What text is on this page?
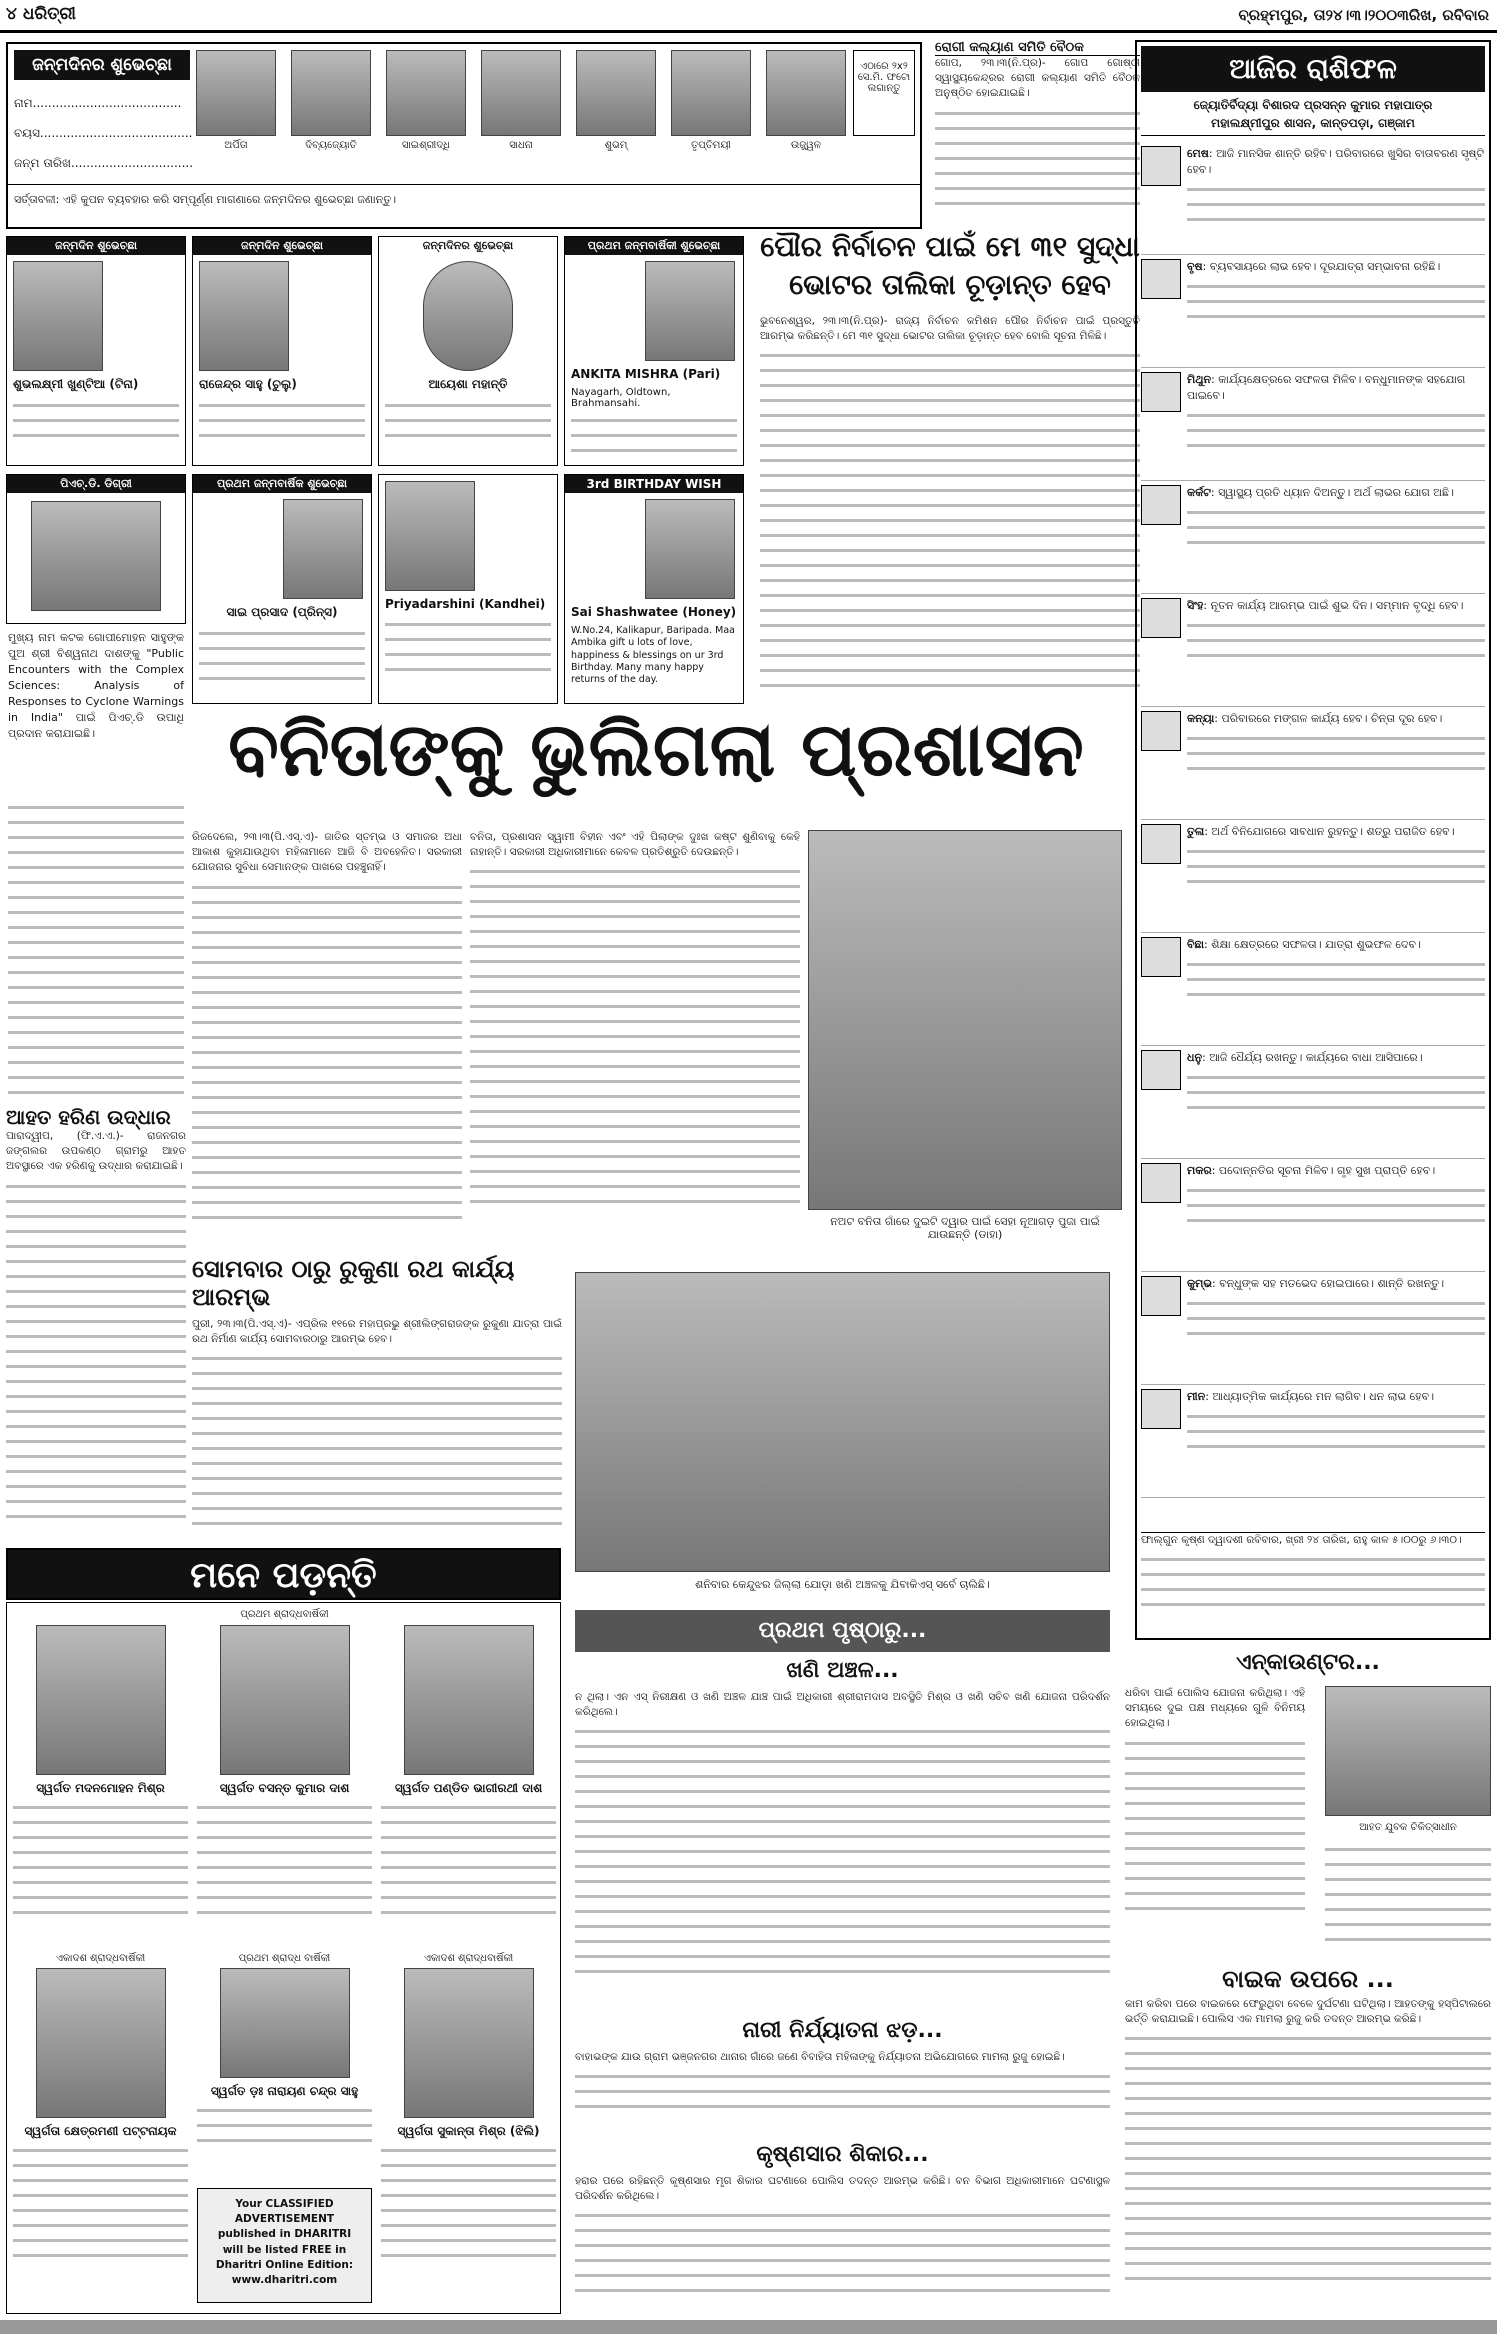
୪ ଧରିତ୍ରୀ	ବ୍ରହ୍ମପୁର, ତା୨୪।୩।୨୦୦୩ରିଖ, ରବିବାର
ଜନ୍ମଦିନର ଶୁଭେଚ୍ଛା
ନାମ.......................................
ବୟସ........................................
ଜନ୍ମ ତାରିଖ................................
ଅର୍ପିତା	ଦିବ୍ୟଜ୍ୟୋତି	ସାଇଶ୍ରୀଦ୍ଧି	ସାଧନା	ଶୁଭମ୍	ତୃପ୍ତିମୟୀ	ଉଜ୍ଜ୍ୱଳ
ଏଠାରେ ୨x୨ ସେ.ମି. ଫଟୋ ଲଗାନ୍ତୁ
ସର୍ତ୍ତାବଳୀ: ଏହି କୁପନ ବ୍ୟବହାର କରି ସମ୍ପୂର୍ଣ୍ଣ ମାଗଣାରେ ଜନ୍ମଦିନର ଶୁଭେଚ୍ଛା ଜଣାନ୍ତୁ।
ରୋଗୀ କଲ୍ୟାଣ ସମିତି ବୈଠକ
ଗୋପ, ୨୩।୩(ନି.ପ୍ର)- ଗୋପ ଗୋଷ୍ଠୀ ସ୍ୱାସ୍ଥ୍ୟକେନ୍ଦ୍ରର ରୋଗୀ କଲ୍ୟାଣ ସମିତି ବୈଠକ ଅନୁଷ୍ଠିତ ହୋଇଯାଇଛି।
ପୌର ନିର୍ବାଚନ ପାଇଁ ମେ ୩୧ ସୁଦ୍ଧା ଭୋଟର ତାଲିକା ଚୂଡ଼ାନ୍ତ ହେବ
ଭୁବନେଶ୍ୱର, ୨୩।୩(ନି.ପ୍ର)- ରାଜ୍ୟ ନିର୍ବାଚନ କମିଶନ ପୌର ନିର୍ବାଚନ ପାଇଁ ପ୍ରସ୍ତୁତି ଆରମ୍ଭ କରିଛନ୍ତି। ମେ ୩୧ ସୁଦ୍ଧା ଭୋଟର ତାଲିକା ଚୂଡ଼ାନ୍ତ ହେବ ବୋଲି ସୂଚନା ମିଳିଛି।
ଜନ୍ମଦିନ ଶୁଭେଚ୍ଛା
ଶୁଭଲକ୍ଷ୍ମୀ ଖୁଣ୍ଟିଆ (ଟିନା)
ଜନ୍ମଦିନ ଶୁଭେଚ୍ଛା
ରାଜେନ୍ଦ୍ର ସାହୁ (ଚୁଲୁ)
ଜନ୍ମଦିନର ଶୁଭେଚ୍ଛା
ଆୟେଶା ମହାନ୍ତି
ପ୍ରଥମ ଜନ୍ମବାର୍ଷିକୀ ଶୁଭେଚ୍ଛା
ANKITA MISHRA (Pari)
Nayagarh, Oldtown, Brahmansahi.
ପିଏଚ୍.ଡି. ଡିଗ୍ରୀ	ପ୍ରଥମ ଜନ୍ମବାର୍ଷିକ ଶୁଭେଚ୍ଛା
ସାଇ ପ୍ରସାଦ (ପ୍ରିନ୍ସ)
Priyadarshini (Kandhei)
3rd BIRTHDAY WISH
Sai Shashwatee (Honey)
W.No.24, Kalikapur, Baripada. Maa Ambika gift u lots of love, happiness & blessings on ur 3rd Birthday. Many many happy returns of the day.
ମୁଖ୍ୟ ନାମ କଟକ ଗୋପୀମୋହନ ସାହୁଙ୍କ ପୁଅ ଶ୍ରୀ ବିଶ୍ୱନାଥ ଦାଶଙ୍କୁ "Public Encounters with the Complex Sciences: Analysis of Responses to Cyclone Warnings in India" ପାଇଁ ପିଏଚ୍.ଡି ଉପାଧି ପ୍ରଦାନ କରାଯାଇଛି।	ବନିତାଙ୍କୁ ଭୁଲିଗଲା ପ୍ରଶାସନ
ଆହତ ହରିଣ ଉଦ୍ଧାର
ପାରାଦ୍ୱୀପ, (ଫି.ଏ.ଏ.)- ରାଜନଗର ଜଙ୍ଗଲର ଉପକଣ୍ଠ ଗ୍ରାମରୁ ଆହତ ଅବସ୍ଥାରେ ଏକ ହରିଣକୁ ଉଦ୍ଧାର କରାଯାଇଛି।
ରିଜଦେଲେ, ୨୩।୩(ପି.ଏସ୍.ଏ)- ଜାତିର ସ୍ତମ୍ଭ ଓ ସମାଜର ଅଧା ଆକାଶ କୁହାଯାଉଥିବା ମହିଳାମାନେ ଆଜି ବି ଅବହେଳିତ। ସରକାରୀ ଯୋଜନାର ସୁବିଧା ସେମାନଙ୍କ ପାଖରେ ପହଞ୍ଚୁନାହିଁ।
ବନିତା, ପ୍ରଶାସନ ସ୍ୱାମୀ ବିହୀନ ଏବଂ ଏହି ପିଲାଙ୍କ ଦୁଃଖ କଷ୍ଟ ଶୁଣିବାକୁ କେହି ନାହାନ୍ତି। ସରକାରୀ ଅଧିକାରୀମାନେ କେବଳ ପ୍ରତିଶ୍ରୁତି ଦେଉଛନ୍ତି।
ନଅଟ ବନିତା ଗାଁରେ ଦୁଇଟି ଦ୍ୱାର ପାଇଁ ସେହା ନୂଆଗଡ଼ ପୁଜା ପାଇଁ ଯାଉଛନ୍ତି (ଡାହା)
ସୋମବାର ଠାରୁ ରୁକୁଣା ରଥ କାର୍ଯ୍ୟ ଆରମ୍ଭ
ପୁରୀ, ୨୩।୩(ପି.ଏସ୍.ଏ)- ଏପ୍ରିଲ ୧୧ରେ ମହାପ୍ରଭୁ ଶ୍ରୀଲିଙ୍ଗରାଜଙ୍କ ରୁକୁଣା ଯାତ୍ରା ପାଇଁ ରଥ ନିର୍ମାଣ କାର୍ଯ୍ୟ ସୋମବାରଠାରୁ ଆରମ୍ଭ ହେବ।
ଶନିବାର କେନ୍ଦୁଝର ଜିଲ୍ଲା ଯୋଡ଼ା ଖଣି ଅଞ୍ଚଳକୁ ଯିବାକିଏସ୍ ସର୍ବେ ଚାଲିଛି।
ପ୍ରଥମ ପୃଷ୍ଠାରୁ...
ଖଣି ଅଞ୍ଚଳ...
ନ ଥିଲା। ଏନ ଏସ୍ ନିରୀକ୍ଷଣ ଓ ଖଣି ଅଞ୍ଚଳ ଯାଞ୍ଚ ପାଇଁ ଅଧିକାରୀ ଶ୍ରୀରାମଦାସ ଅବସ୍ଥିତି ମିଶ୍ର ଓ ଖଣି ସଚିବ ଖଣି ଯୋଜନା ପରିଦର୍ଶନ କରିଥିଲେ।
ନାରୀ ନିର୍ଯ୍ୟାତନା ଝଡ଼...
ବାହାଭଙ୍କ ଯାଉ ଗ୍ରାମ ଭଞ୍ଜନଗର ଥାନାର ଗାଁରେ ଜଣେ ବିବାହିତା ମହିଳାଙ୍କୁ ନିର୍ଯ୍ୟାତନା ଅଭିଯୋଗରେ ମାମଲା ରୁଜୁ ହୋଇଛି।
କୃଷ୍ଣସାର ଶିକାର...
ହରାର ପରେ ରହିଛନ୍ତି କୃଷ୍ଣସାର ମୃଗ ଶିକାର ଘଟଣାରେ ପୋଲିସ ତଦନ୍ତ ଆରମ୍ଭ କରିଛି। ବନ ବିଭାଗ ଅଧିକାରୀମାନେ ଘଟଣାସ୍ଥଳ ପରିଦର୍ଶନ କରିଥିଲେ।
ମନେ ପଡ଼ନ୍ତି
ସ୍ୱର୍ଗତ ମଦନମୋହନ ମିଶ୍ର
ପ୍ରଥମ ଶ୍ରାଦ୍ଧବାର୍ଷିକୀ
ସ୍ୱର୍ଗତ ବସନ୍ତ କୁମାର ଦାଶ	ସ୍ୱର୍ଗତ ପଣ୍ଡିତ ଭାଗୀରଥୀ ଦାଶ
ଏକାଦଶ ଶ୍ରାଦ୍ଧବାର୍ଷିକୀ
ସ୍ୱର୍ଗତା କ୍ଷେତ୍ରମଣୀ ପଟ୍ଟନାୟକ
ପ୍ରଥମ ଶ୍ରାଦ୍ଧ ବାର୍ଷିକୀ
ସ୍ୱର୍ଗତ ଡ଼ଃ ନାରାୟଣ ଚନ୍ଦ୍ର ସାହୁ
Your CLASSIFIED ADVERTISEMENT published in DHARITRI will be listed FREE in Dharitri Online Edition: www.dharitri.com
ଏକାଦଶ ଶ୍ରାଦ୍ଧବାର୍ଷିକୀ
ସ୍ୱର୍ଗତା ସୁକାନ୍ତା ମିଶ୍ର (ଝିଲି)
ଆଜିର ରାଶିଫଳ
ଜ୍ୟୋତିର୍ବିଦ୍ୟା ବିଶାରଦ ପ୍ରସନ୍ନ କୁମାର ମହାପାତ୍ର
ମହାଲକ୍ଷ୍ମୀପୁର ଶାସନ, କାନ୍ତପଡ଼ା, ଗଞ୍ଜାମ
ମେଷ: ଆଜି ମାନସିକ ଶାନ୍ତି ରହିବ। ପରିବାରରେ ଖୁସିର ବାତାବରଣ ସୃଷ୍ଟି ହେବ।
ବୃଷ: ବ୍ୟବସାୟରେ ଲାଭ ହେବ। ଦୂରଯାତ୍ରା ସମ୍ଭାବନା ରହିଛି।
ମିଥୁନ: କାର୍ଯ୍ୟକ୍ଷେତ୍ରରେ ସଫଳତା ମିଳିବ। ବନ୍ଧୁମାନଙ୍କ ସହଯୋଗ ପାଇବେ।
କର୍କଟ: ସ୍ୱାସ୍ଥ୍ୟ ପ୍ରତି ଧ୍ୟାନ ଦିଅନ୍ତୁ। ଅର୍ଥ ଲାଭର ଯୋଗ ଅଛି।
ସିଂହ: ନୂତନ କାର୍ଯ୍ୟ ଆରମ୍ଭ ପାଇଁ ଶୁଭ ଦିନ। ସମ୍ମାନ ବୃଦ୍ଧି ହେବ।
କନ୍ୟା: ପରିବାରରେ ମଙ୍ଗଳ କାର୍ଯ୍ୟ ହେବ। ଚିନ୍ତା ଦୂର ହେବ।
ତୁଳା: ଅର୍ଥ ବିନିଯୋଗରେ ସାବଧାନ ରୁହନ୍ତୁ। ଶତ୍ରୁ ପରାଜିତ ହେବ।
ବିଛା: ଶିକ୍ଷା କ୍ଷେତ୍ରରେ ସଫଳତା। ଯାତ୍ରା ଶୁଭଫଳ ଦେବ।
ଧନୁ: ଆଜି ଧୈର୍ଯ୍ୟ ରଖନ୍ତୁ। କାର୍ଯ୍ୟରେ ବାଧା ଆସିପାରେ।
ମକର: ପଦୋନ୍ନତିର ସୂଚନା ମିଳିବ। ଗୃହ ସୁଖ ପ୍ରାପ୍ତି ହେବ।
କୁମ୍ଭ: ବନ୍ଧୁଙ୍କ ସହ ମତଭେଦ ହୋଇପାରେ। ଶାନ୍ତି ରଖନ୍ତୁ।
ମୀନ: ଆଧ୍ୟାତ୍ମିକ କାର୍ଯ୍ୟରେ ମନ ଲାଗିବ। ଧନ ଲାଭ ହେବ।
ଫାଲ୍ଗୁନ କୃଷ୍ଣ ଦ୍ୱାଦଶୀ ରବିବାର, ଖ୍ରୀ ୨୪ ତାରିଖ, ରାହୁ କାଳ ୫।୦୦ରୁ ୬।୩୦।
ଏନ୍‌କାଉଣ୍ଟର...
ଧରିବା ପାଇଁ ପୋଲିସ ଯୋଜନା କରିଥିଲା। ଏହି ସମୟରେ ଦୁଇ ପକ୍ଷ ମଧ୍ୟରେ ଗୁଳି ବିନିମୟ ହୋଇଥିଲା।
ଆହତ ଯୁବକ ଚିକିତ୍ସାଧୀନ
ବାଇକ ଉପରେ ...
କାମ କରିବା ପରେ ବାଇକରେ ଫେରୁଥିବା ବେଳେ ଦୁର୍ଘଟଣା ଘଟିଥିଲା। ଆହତଙ୍କୁ ହସ୍ପିଟାଲରେ ଭର୍ତ୍ତି କରାଯାଇଛି। ପୋଲିସ ଏକ ମାମଲା ରୁଜୁ କରି ତଦନ୍ତ ଆରମ୍ଭ କରିଛି।
